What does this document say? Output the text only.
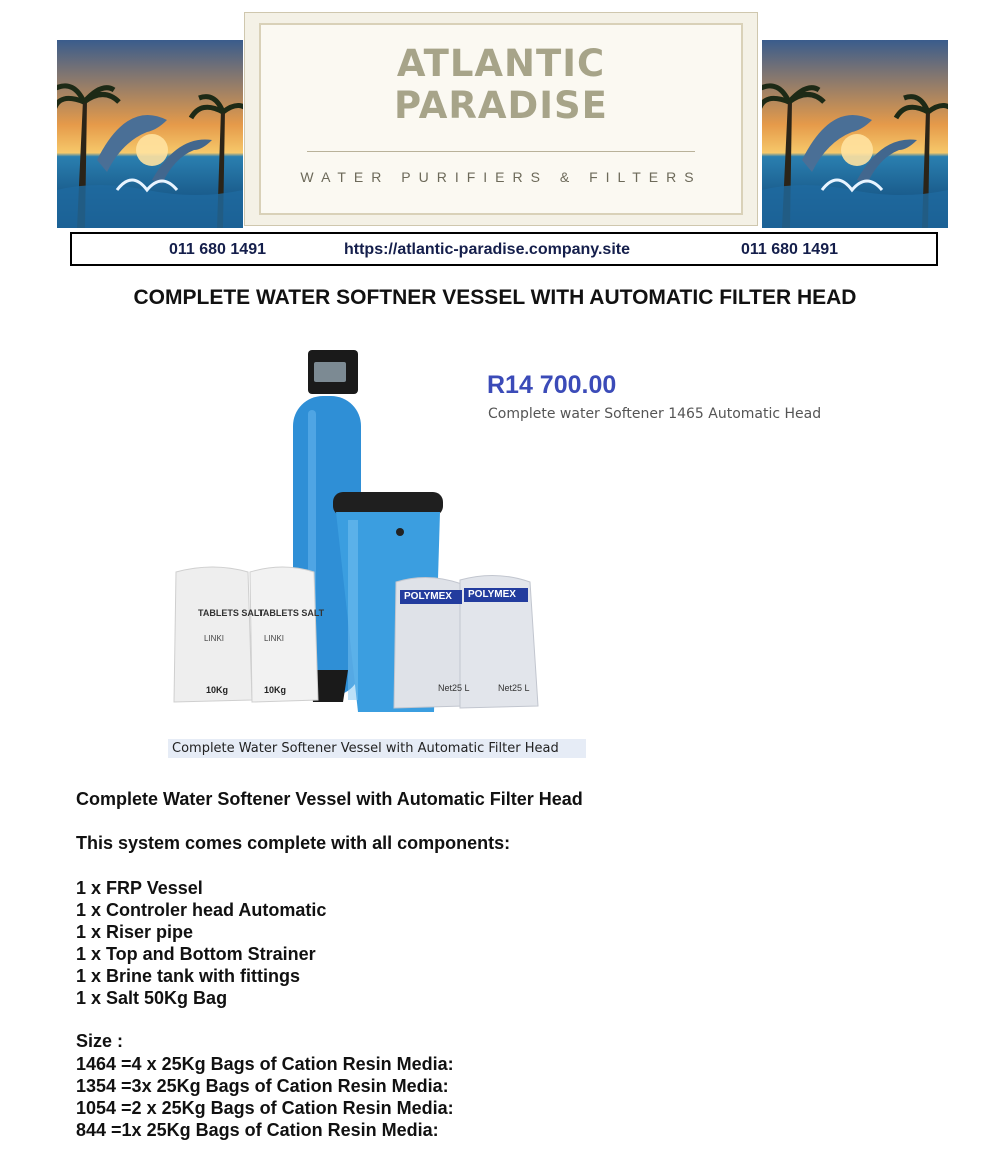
ATLANTIC
PARADISE
WATER PURIFIERS & FILTERS
011 680 1491	https://atlantic-paradise.company.site	011 680 1491
COMPLETE WATER SOFTNER VESSEL WITH AUTOMATIC FILTER HEAD
TABLETS SALT
TABLETS SALT
LINKI	LINKI
10Kg	10Kg
POLYMEX POLYMEX
Net25 L	Net25 L
R14 700.00
Complete water Softener 1465 Automatic Head
Complete Water Softener Vessel with Automatic Filter Head
Complete Water Softener Vessel with Automatic Filter Head
This system comes complete with all components:
1 x FRP Vessel
1 x Controler head Automatic
1 x Riser pipe
1 x Top and Bottom Strainer
1 x Brine tank with fittings
1 x Salt 50Kg Bag
Size :
1464 =4 x 25Kg Bags of Cation Resin Media:
1354 =3x 25Kg Bags of Cation Resin Media:
1054 =2 x 25Kg Bags of Cation Resin Media:
844 =1x 25Kg Bags of Cation Resin Media:
